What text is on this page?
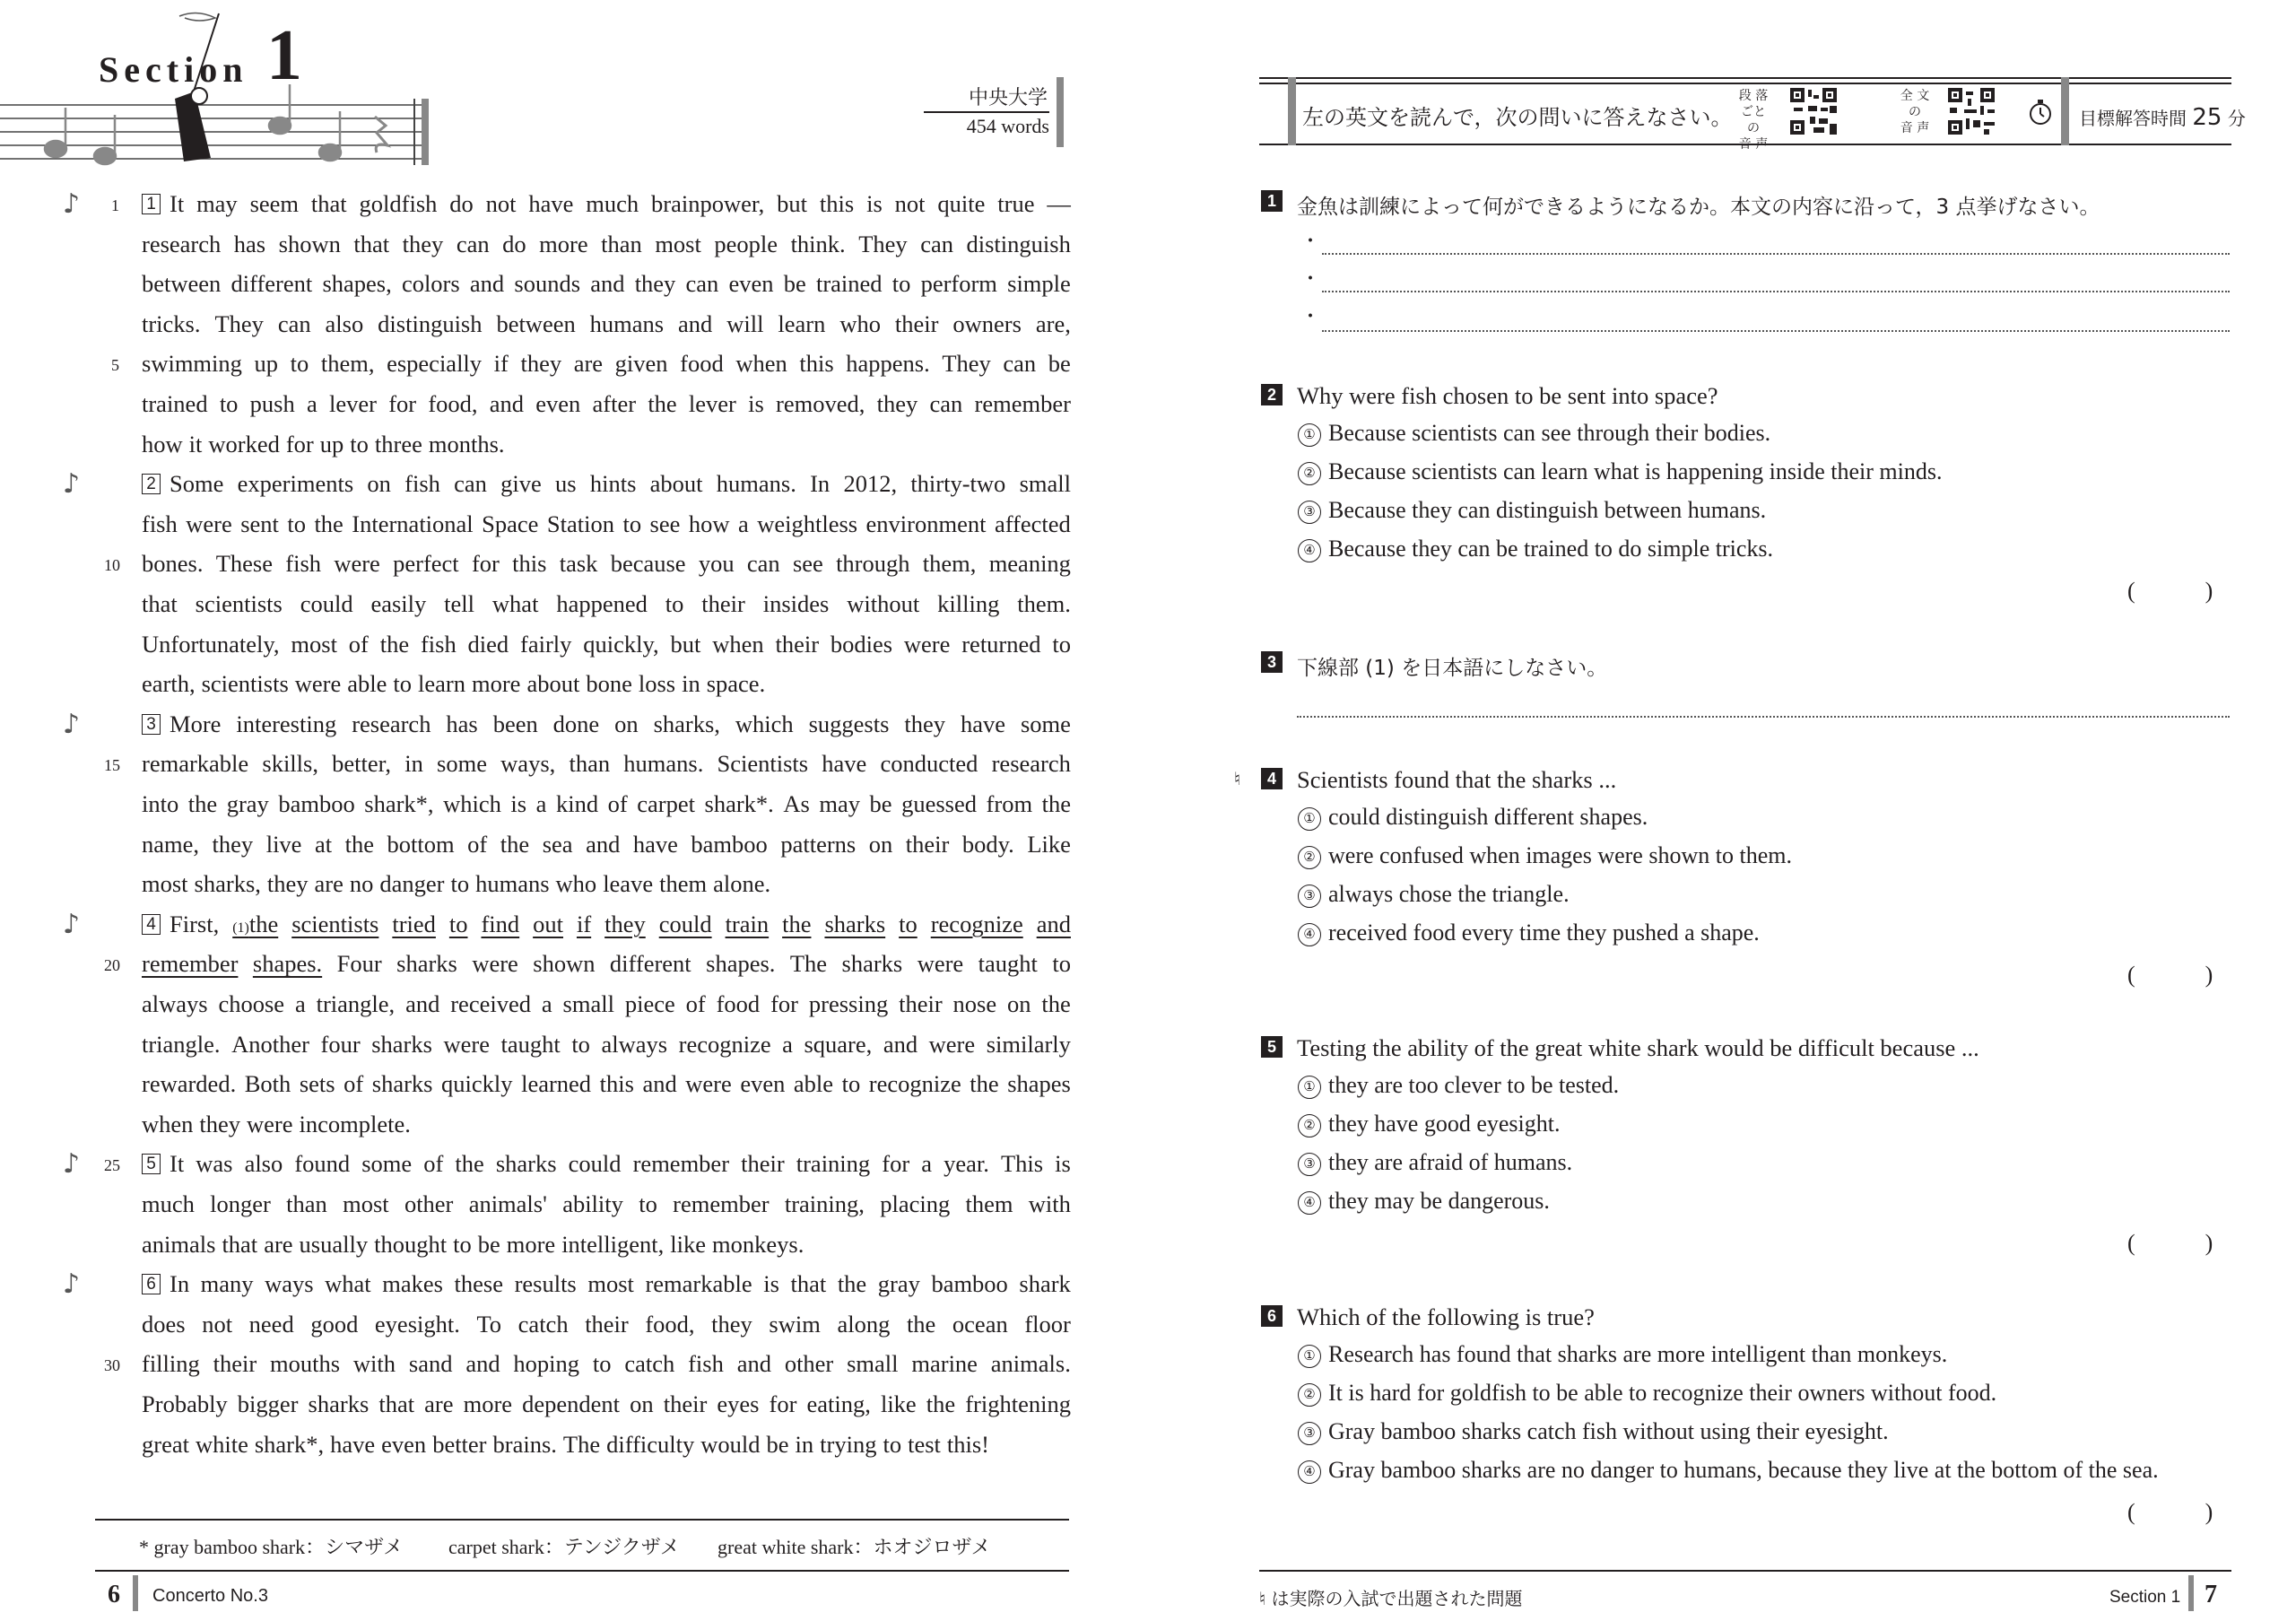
Section 1
中央大学
454 words
1 It may seem that goldfish do not have much brainpower, but this is not quite true —
research has shown that they can do more than most people think. They can distinguish
between different shapes, colors and sounds and they can even be trained to perform simple
tricks. They can also distinguish between humans and will learn who their owners are,
swimming up to them, especially if they are given food when this happens. They can be
trained to push a lever for food, and even after the lever is removed, they can remember
how it worked for up to three months.
2 Some experiments on fish can give us hints about humans. In 2012, thirty-two small
fish were sent to the International Space Station to see how a weightless environment affected
bones. These fish were perfect for this task because you can see through them, meaning
that scientists could easily tell what happened to their insides without killing them.
Unfortunately, most of the fish died fairly quickly, but when their bodies were returned to
earth, scientists were able to learn more about bone loss in space.
3 More interesting research has been done on sharks, which suggests they have some
remarkable skills, better, in some ways, than humans. Scientists have conducted research
into the gray bamboo shark*, which is a kind of carpet shark*. As may be guessed from the
name, they live at the bottom of the sea and have bamboo patterns on their body. Like
most sharks, they are no danger to humans who leave them alone.
4 First, (1)the scientists tried to find out if they could train the sharks to recognize and
remember shapes. Four sharks were shown different shapes. The sharks were taught to
always choose a triangle, and received a small piece of food for pressing their nose on the
triangle. Another four sharks were taught to always recognize a square, and were similarly
rewarded. Both sets of sharks quickly learned this and were even able to recognize the shapes
when they were incomplete.
5 It was also found some of the sharks could remember their training for a year. This is
much longer than most other animals' ability to remember training, placing them with
animals that are usually thought to be more intelligent, like monkeys.
6 In many ways what makes these results most remarkable is that the gray bamboo shark
does not need good eyesight. To catch their food, they swim along the ocean floor
filling their mouths with sand and hoping to catch fish and other small marine animals.
Probably bigger sharks that are more dependent on their eyes for eating, like the frightening
great white shark*, have even better brains. The difficulty would be in trying to test this!
* gray bamboo shark：シマザメ carpet shark：テンジクザメ great white shark：ホオジロザメ
6 Concerto No.3
左の英文を読んで，次の問いに答えなさい。
段 落
ごとの
音 声
全 文
の
音 声	目標解答時間 25 分
1	金魚は訓練によって何ができるようになるか。本文の内容に沿って，3 点挙げなさい。
・
・
・
2 Why were fish chosen to be sent into space?
① Because scientists can see through their bodies.
② Because scientists can learn what is happening inside their minds.
③ Because they can distinguish between humans.
④ Because they can be trained to do simple tricks.
(　　　)
3	下線部 (1) を日本語にしなさい。
♮	4 Scientists found that the sharks ...
① could distinguish different shapes.
② were confused when images were shown to them.
③ always chose the triangle.
④ received food every time they pushed a shape.
(　　　)
5 Testing the ability of the great white shark would be difficult because ...
① they are too clever to be tested.
② they have good eyesight.
③ they are afraid of humans.
④ they may be dangerous.
(　　　)
6 Which of the following is true?
① Research has found that sharks are more intelligent than monkeys.
② It is hard for goldfish to be able to recognize their owners without food.
③ Gray bamboo sharks catch fish without using their eyesight.
④ Gray bamboo sharks are no danger to humans, because they live at the bottom of the sea.
(　　　)
♮ は実際の入試で出題された問題	Section 1 7
1
♪
5
♪
10
♪
15
♪
20
25
♪
♪
30
